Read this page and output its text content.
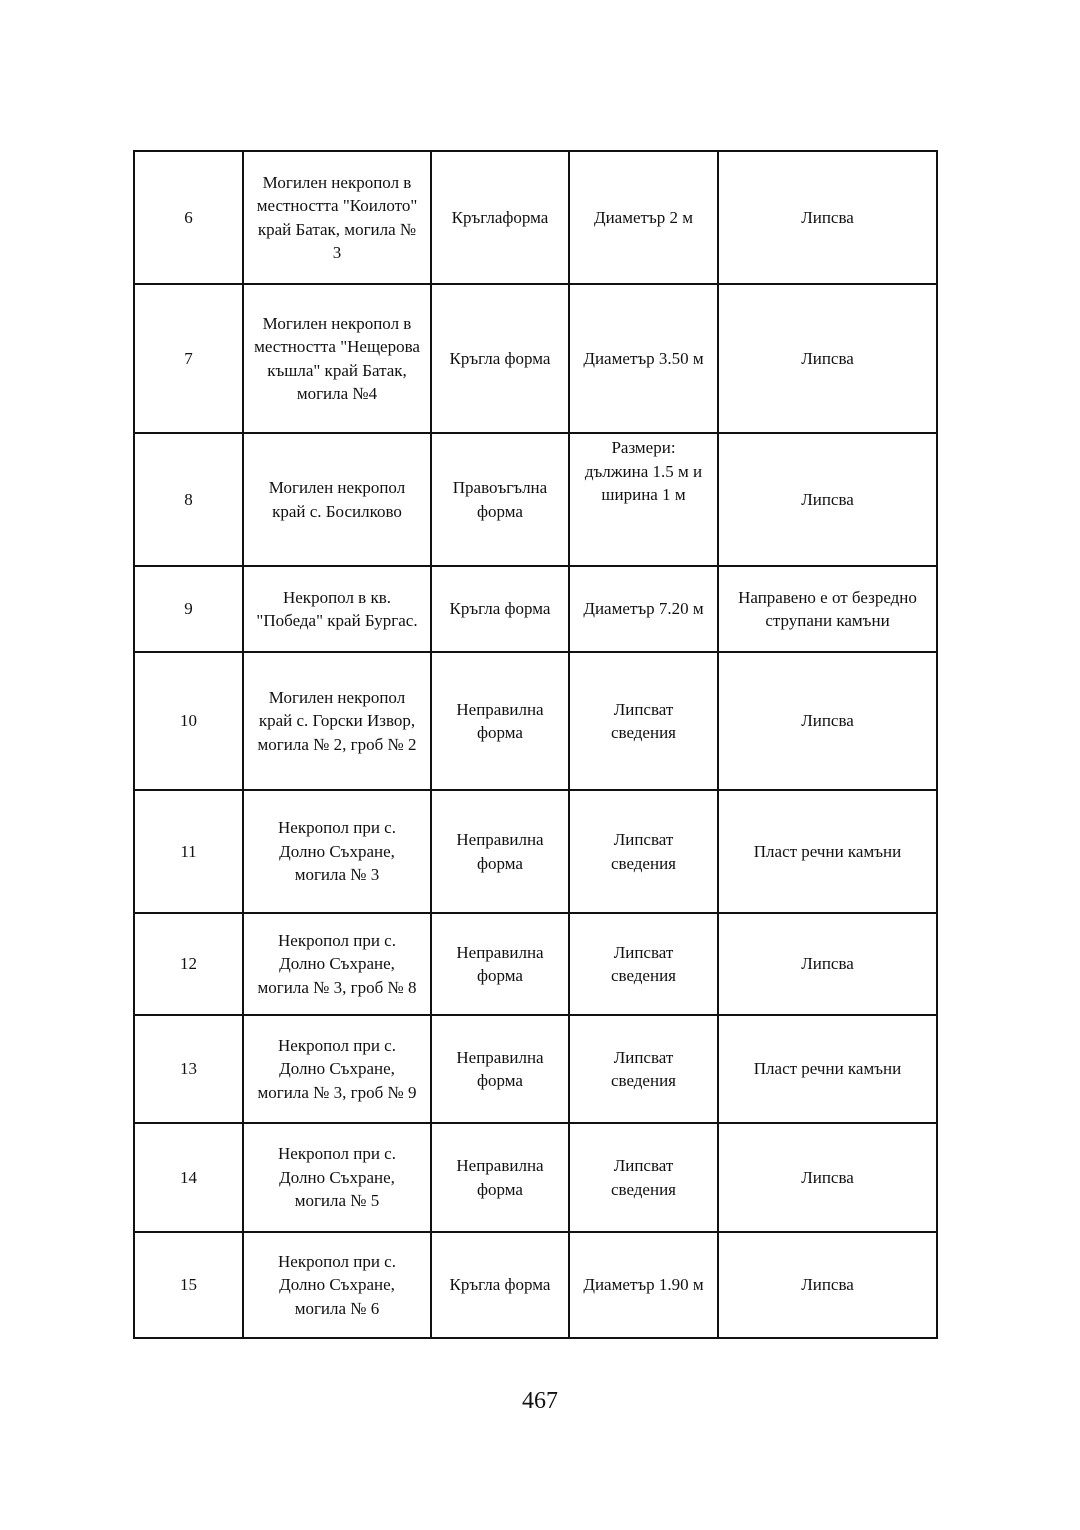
6	Могилен некропол в
местността "Коилото"
край Батак, могила №
3	Кръглаформа	Диаметър 2 м	Липсва
7	Могилен некропол в
местността "Нещерова
къшла" край Батак,
могила №4	Кръгла форма	Диаметър 3.50 м	Липсва
8	Могилен некропол
край с. Босилково	Правоъгълна
форма	Размери:
дължина 1.5 м и
ширина 1 м	Липсва
9	Некропол в кв.
"Победа" край Бургас.	Кръгла форма	Диаметър 7.20 м	Направено е от безредно
струпани камъни
10	Могилен некропол
край с. Горски Извор,
могила № 2, гроб № 2	Неправилна
форма	Липсват
сведения	Липсва
11	Некропол при с.
Долно Съхране,
могила № 3	Неправилна
форма	Липсват
сведения	Пласт речни камъни
12	Некропол при с.
Долно Съхране,
могила № 3, гроб № 8	Неправилна
форма	Липсват
сведения	Липсва
13	Некропол при с.
Долно Съхране,
могила № 3, гроб № 9	Неправилна
форма	Липсват
сведения	Пласт речни камъни
14	Некропол при с.
Долно Съхране,
могила № 5	Неправилна
форма	Липсват
сведения	Липсва
15	Некропол при с.
Долно Съхране,
могила № 6	Кръгла форма	Диаметър 1.90 м	Липсва
467
